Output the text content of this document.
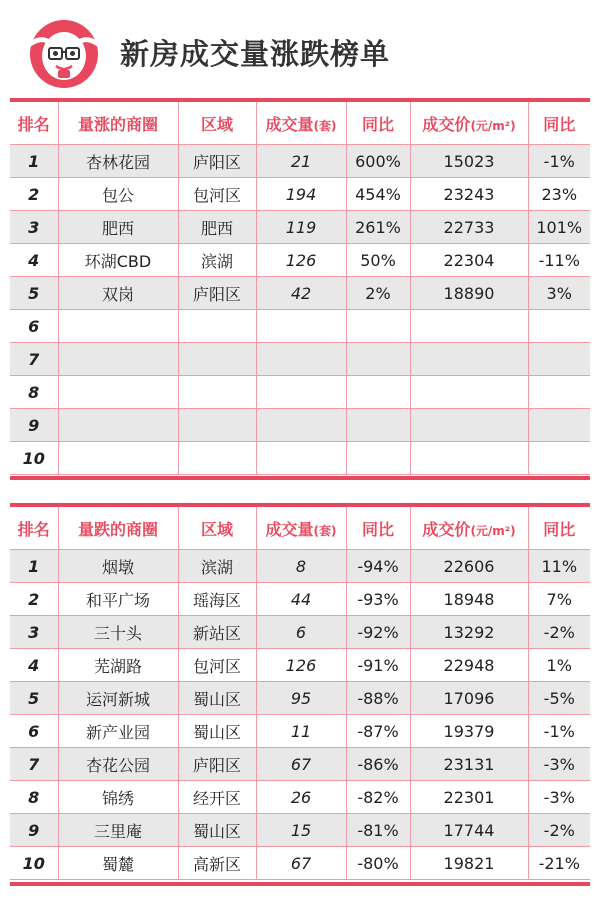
新房成交量涨跌榜单
排名	量涨的商圈	区域	成交量(套)	同比	成交价(元/m²)	同比
1	杏林花园	庐阳区	21	600%	15023	-1%
2	包公	包河区	194	454%	23243	23%
3	肥西	肥西	119	261%	22733	101%
4	环湖CBD	滨湖	126	50%	22304	-11%
5	双岗	庐阳区	42	2%	18890	3%
6						
7						
8						
9						
10						
排名	量跌的商圈	区域	成交量(套)	同比	成交价(元/m²)	同比
1	烟墩	滨湖	8	-94%	22606	11%
2	和平广场	瑶海区	44	-93%	18948	7%
3	三十头	新站区	6	-92%	13292	-2%
4	芜湖路	包河区	126	-91%	22948	1%
5	运河新城	蜀山区	95	-88%	17096	-5%
6	新产业园	蜀山区	11	-87%	19379	-1%
7	杏花公园	庐阳区	67	-86%	23131	-3%
8	锦绣	经开区	26	-82%	22301	-3%
9	三里庵	蜀山区	15	-81%	17744	-2%
10	蜀麓	高新区	67	-80%	19821	-21%
